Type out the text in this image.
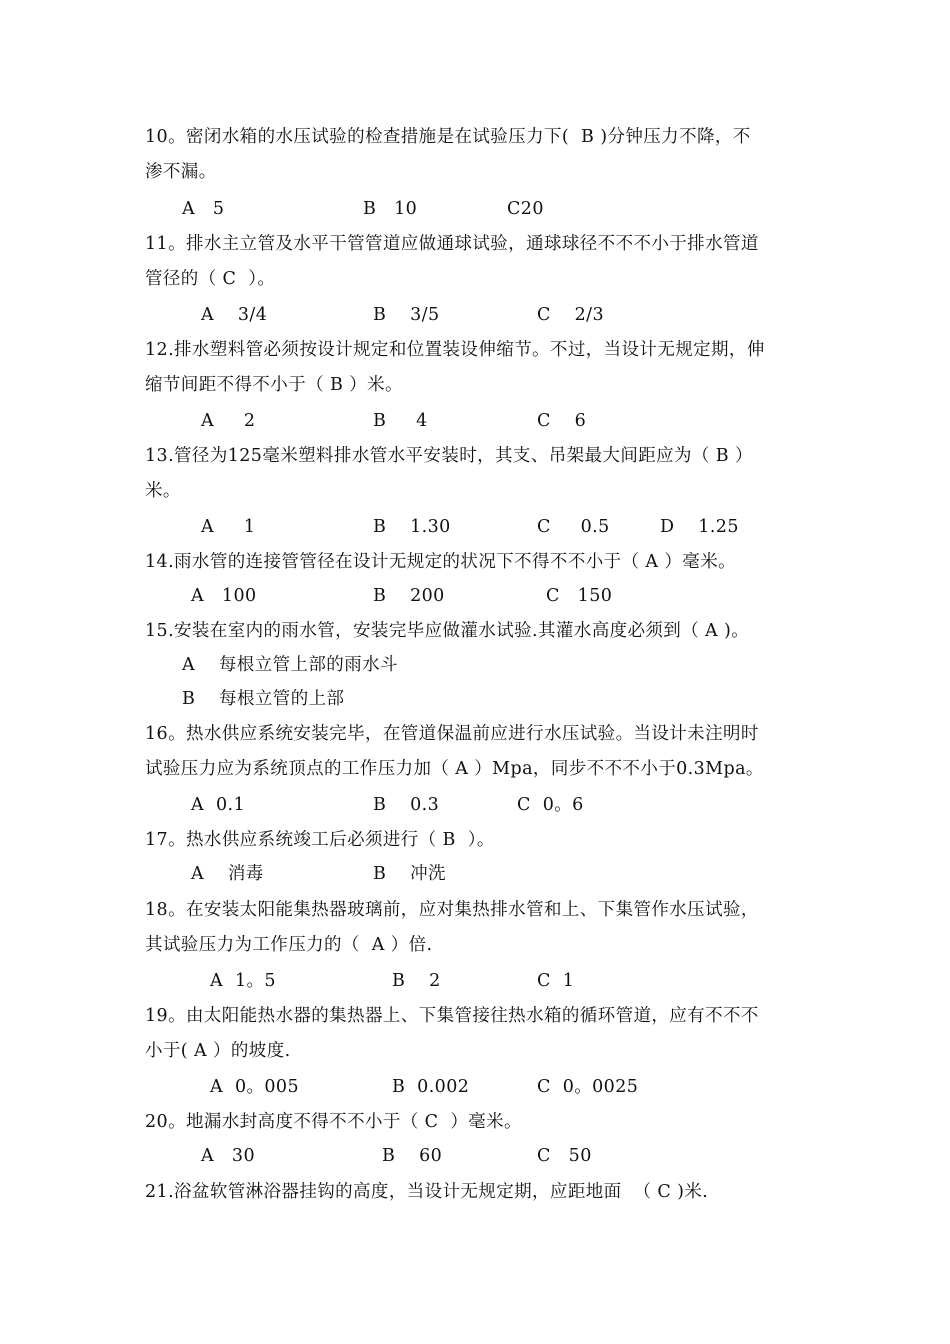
10。密闭水箱的水压试验的检查措施是在试验压力下(  B )分钟压力不降，不
渗不漏。
A   5	B   10	C20
11。排水主立管及水平干管管道应做通球试验，通球球径不不不小于排水管道
管径的（ C  ）。
A    3/4	B    3/5	C    2/3
12.排水塑料管必须按设计规定和位置装设伸缩节。不过，当设计无规定期，伸
缩节间距不得不小于（ B ）米。
A     2	B     4	C    6
13.管径为125毫米塑料排水管水平安装时，其支、吊架最大间距应为（ B ）
米。
A     1	B    1.30	C     0.5	D    1.25
14.雨水管的连接管管径在设计无规定的状况下不得不不小于（ A ）毫米。
A   100	B    200	C   150
15.安装在室内的雨水管，安装完毕应做灌水试验.其灌水高度必须到（ A )。
A    每根立管上部的雨水斗
B    每根立管的上部
16。热水供应系统安装完毕，在管道保温前应进行水压试验。当设计未注明时
试验压力应为系统顶点的工作压力加（ A ）Mpa，同步不不不小于0.3Mpa。
A  0.1	B    0.3	C  0。6
17。热水供应系统竣工后必须进行（ B  ）。
A    消毒	B    冲洗
18。在安装太阳能集热器玻璃前，应对集热排水管和上、下集管作水压试验，
其试验压力为工作压力的（  A ）倍.
A  1。5	B    2	C  1
19。由太阳能热水器的集热器上、下集管接往热水箱的循环管道，应有不不不
小于( A ）的坡度.
A  0。005	B  0.002	C  0。0025
20。地漏水封高度不得不不小于（ C  ）毫米。
A   30	B    60	C   50
21.浴盆软管淋浴器挂钩的高度，当设计无规定期，应距地面  （ C )米.
